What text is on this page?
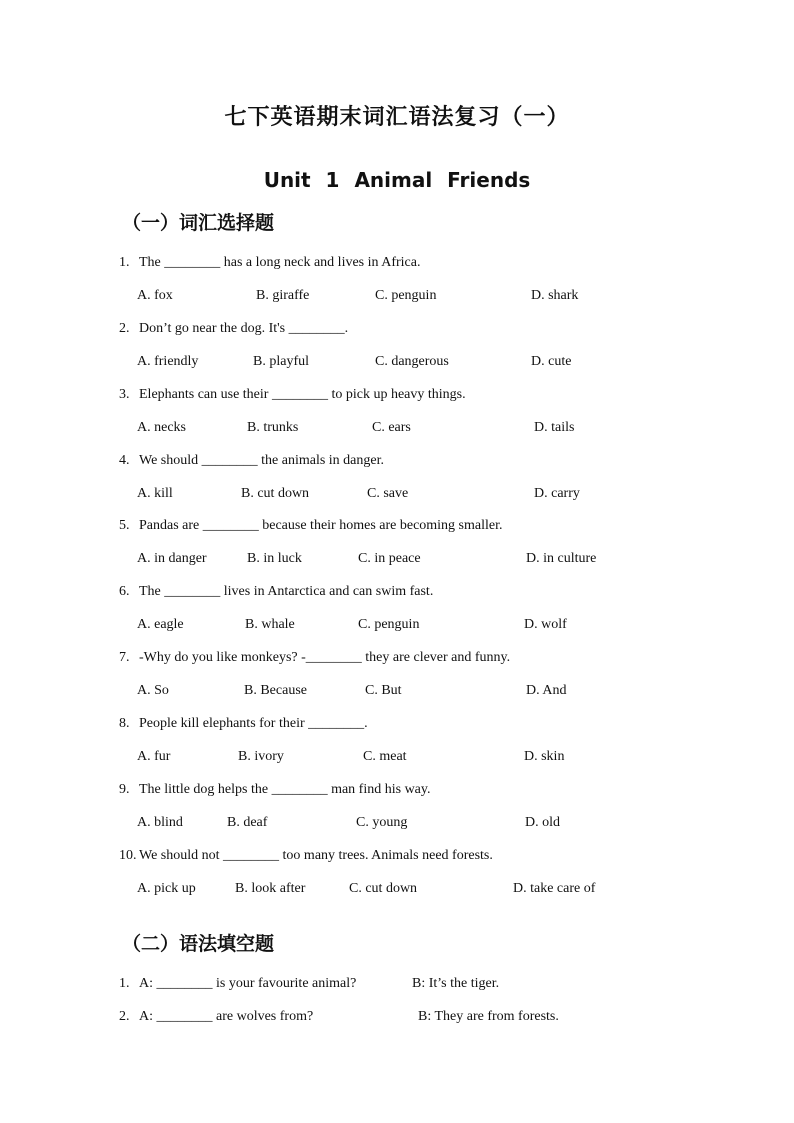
七下英语期末词汇语法复习（一）
Unit 1 Animal Friends
（一）词汇选择题
1. The ________ has a long neck and lives in Africa.
A. fox	B. giraffe	C. penguin	D. shark
2. Don’t go near the dog. It's ________.
A. friendly	B. playful	C. dangerous	D. cute
3. Elephants can use their ________ to pick up heavy things.
A. necks	B. trunks	C. ears	D. tails
4. We should ________ the animals in danger.
A. kill	B. cut down	C. save	D. carry
5. Pandas are ________ because their homes are becoming smaller.
A. in danger	B. in luck	C. in peace	D. in culture
6. The ________ lives in Antarctica and can swim fast.
A. eagle	B. whale	C. penguin	D. wolf
7. -Why do you like monkeys? -________ they are clever and funny.
A. So	B. Because	C. But	D. And
8. People kill elephants for their ________.
A. fur	B. ivory	C. meat	D. skin
9. The little dog helps the ________ man find his way.
A. blind	B. deaf	C. young	D. old
10. We should not ________ too many trees. Animals need forests.
A. pick up	B. look after	C. cut down	D. take care of
（二）语法填空题
1. A: ________ is your favourite animal?	B: It’s the tiger.
2. A: ________ are wolves from?	B: They are from forests.
